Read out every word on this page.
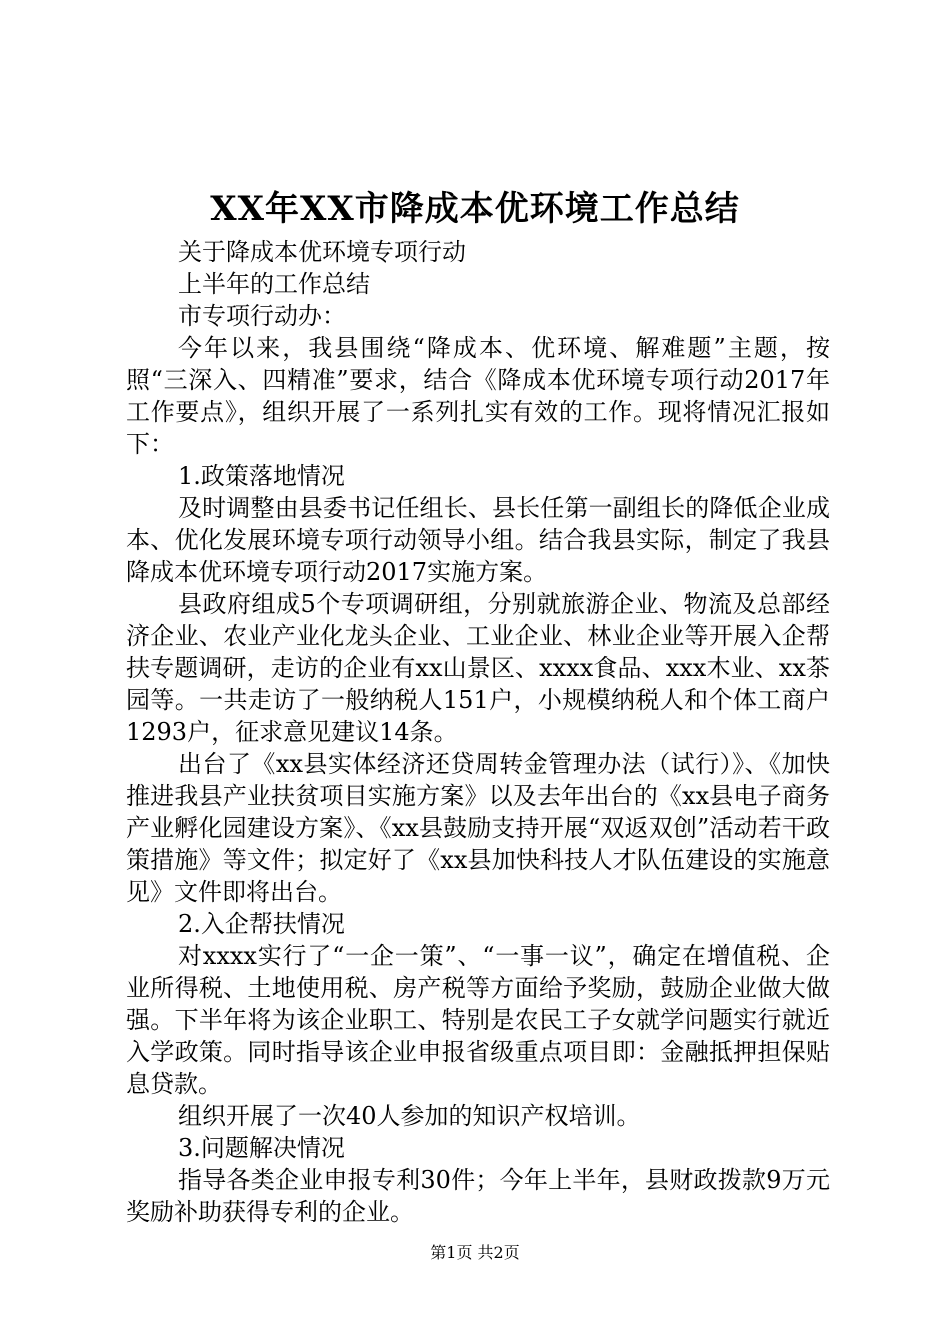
XX年XX市降成本优环境工作总结

关于降成本优环境专项行动

上半年的工作总结

市专项行动办：

今年以来，我县围绕“降成本、优环境、解难题”主题，按照“三深入、四精准”要求，结合《降成本优环境专项行动2017年工作要点》，组织开展了一系列扎实有效的工作。现将情况汇报如下：

1.政策落地情况

及时调整由县委书记任组长、县长任第一副组长的降低企业成本、优化发展环境专项行动领导小组。结合我县实际，制定了我县降成本优环境专项行动2017实施方案。

县政府组成5个专项调研组，分别就旅游企业、物流及总部经济企业、农业产业化龙头企业、工业企业、林业企业等开展入企帮扶专题调研，走访的企业有xx山景区、xxxx食品、xxx木业、xx茶园等。一共走访了一般纳税人151户，小规模纳税人和个体工商户1293户，征求意见建议14条。

出台了《xx县实体经济还贷周转金管理办法（试行）》、《加快推进我县产业扶贫项目实施方案》以及去年出台的《xx县电子商务产业孵化园建设方案》、《xx县鼓励支持开展“双返双创”活动若干政策措施》等文件；拟定好了《xx县加快科技人才队伍建设的实施意见》文件即将出台。

2.入企帮扶情况

对xxxx实行了“一企一策”、“一事一议”，确定在增值税、企业所得税、土地使用税、房产税等方面给予奖励，鼓励企业做大做强。下半年将为该企业职工、特别是农民工子女就学问题实行就近入学政策。同时指导该企业申报省级重点项目即：金融抵押担保贴息贷款。

组织开展了一次40人参加的知识产权培训。

3.问题解决情况

指导各类企业申报专利30件；今年上半年，县财政拨款9万元奖励补助获得专利的企业。

第1页 共2页
